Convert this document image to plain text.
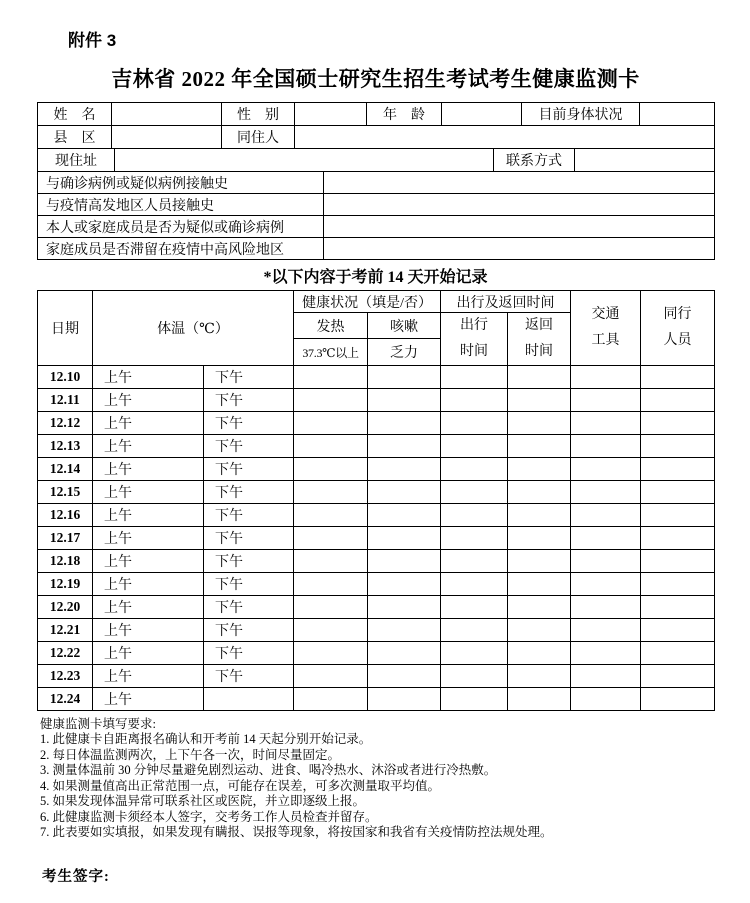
附件 3
吉林省 2022 年全国硕士研究生招生考试考生健康监测卡
姓　名		性　别		年　龄		目前身体状况	
县　区		同住人					
现住址		联系方式	
与确诊病例或疑似病例接触史	
与疫情高发地区人员接触史	
本人或家庭成员是否为疑似或确诊病例	
家庭成员是否滞留在疫情中高风险地区	
*以下内容于考前 14 天开始记录
日期	体温（℃）		健康状况（填是/否）		出行及返回时间		交通工具	同行人员

			发热	咳嗽	出行时间	返回时间		

			37.3℃以上	乏力				
12.10	上午	下午						
12.11	上午	下午						
12.12	上午	下午						
12.13	上午	下午						
12.14	上午	下午						
12.15	上午	下午						
12.16	上午	下午						
12.17	上午	下午						
12.18	上午	下午						
12.19	上午	下午						
12.20	上午	下午						
12.21	上午	下午						
12.22	上午	下午						
12.23	上午	下午						
12.24	上午							
健康监测卡填写要求:
1. 此健康卡自距离报名确认和开考前 14 天起分别开始记录。
2. 每日体温监测两次，上下午各一次，时间尽量固定。
3. 测量体温前 30 分钟尽量避免剧烈运动、进食、喝冷热水、沐浴或者进行冷热敷。
4. 如果测量值高出正常范围一点，可能存在误差，可多次测量取平均值。
5. 如果发现体温异常可联系社区或医院，并立即逐级上报。
6. 此健康监测卡须经本人签字，交考务工作人员检查并留存。
7. 此表要如实填报，如果发现有瞒报、误报等现象，将按国家和我省有关疫情防控法规处理。
考生签字:
